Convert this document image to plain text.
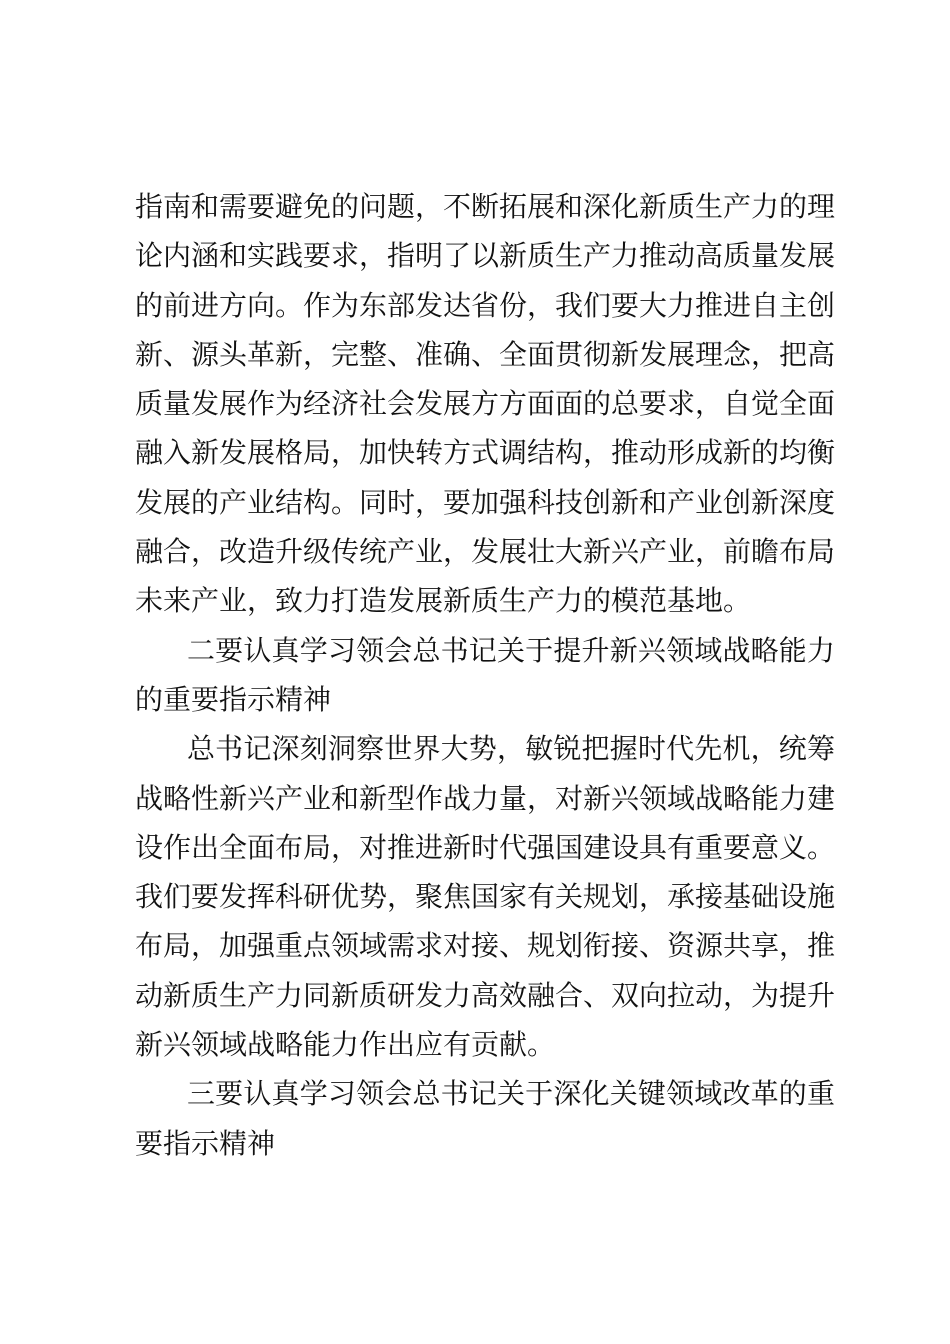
指南和需要避免的问题，不断拓展和深化新质生产力的理
论内涵和实践要求，指明了以新质生产力推动高质量发展
的前进方向。作为东部发达省份，我们要大力推进自主创
新、源头革新，完整、准确、全面贯彻新发展理念，把高
质量发展作为经济社会发展方方面面的总要求，自觉全面
融入新发展格局，加快转方式调结构，推动形成新的均衡
发展的产业结构。同时，要加强科技创新和产业创新深度
融合，改造升级传统产业，发展壮大新兴产业，前瞻布局
未来产业，致力打造发展新质生产力的模范基地。
二要认真学习领会总书记关于提升新兴领域战略能力
的重要指示精神
总书记深刻洞察世界大势，敏锐把握时代先机，统筹
战略性新兴产业和新型作战力量，对新兴领域战略能力建
设作出全面布局，对推进新时代强国建设具有重要意义。
我们要发挥科研优势，聚焦国家有关规划，承接基础设施
布局，加强重点领域需求对接、规划衔接、资源共享，推
动新质生产力同新质研发力高效融合、双向拉动，为提升
新兴领域战略能力作出应有贡献。
三要认真学习领会总书记关于深化关键领域改革的重
要指示精神
